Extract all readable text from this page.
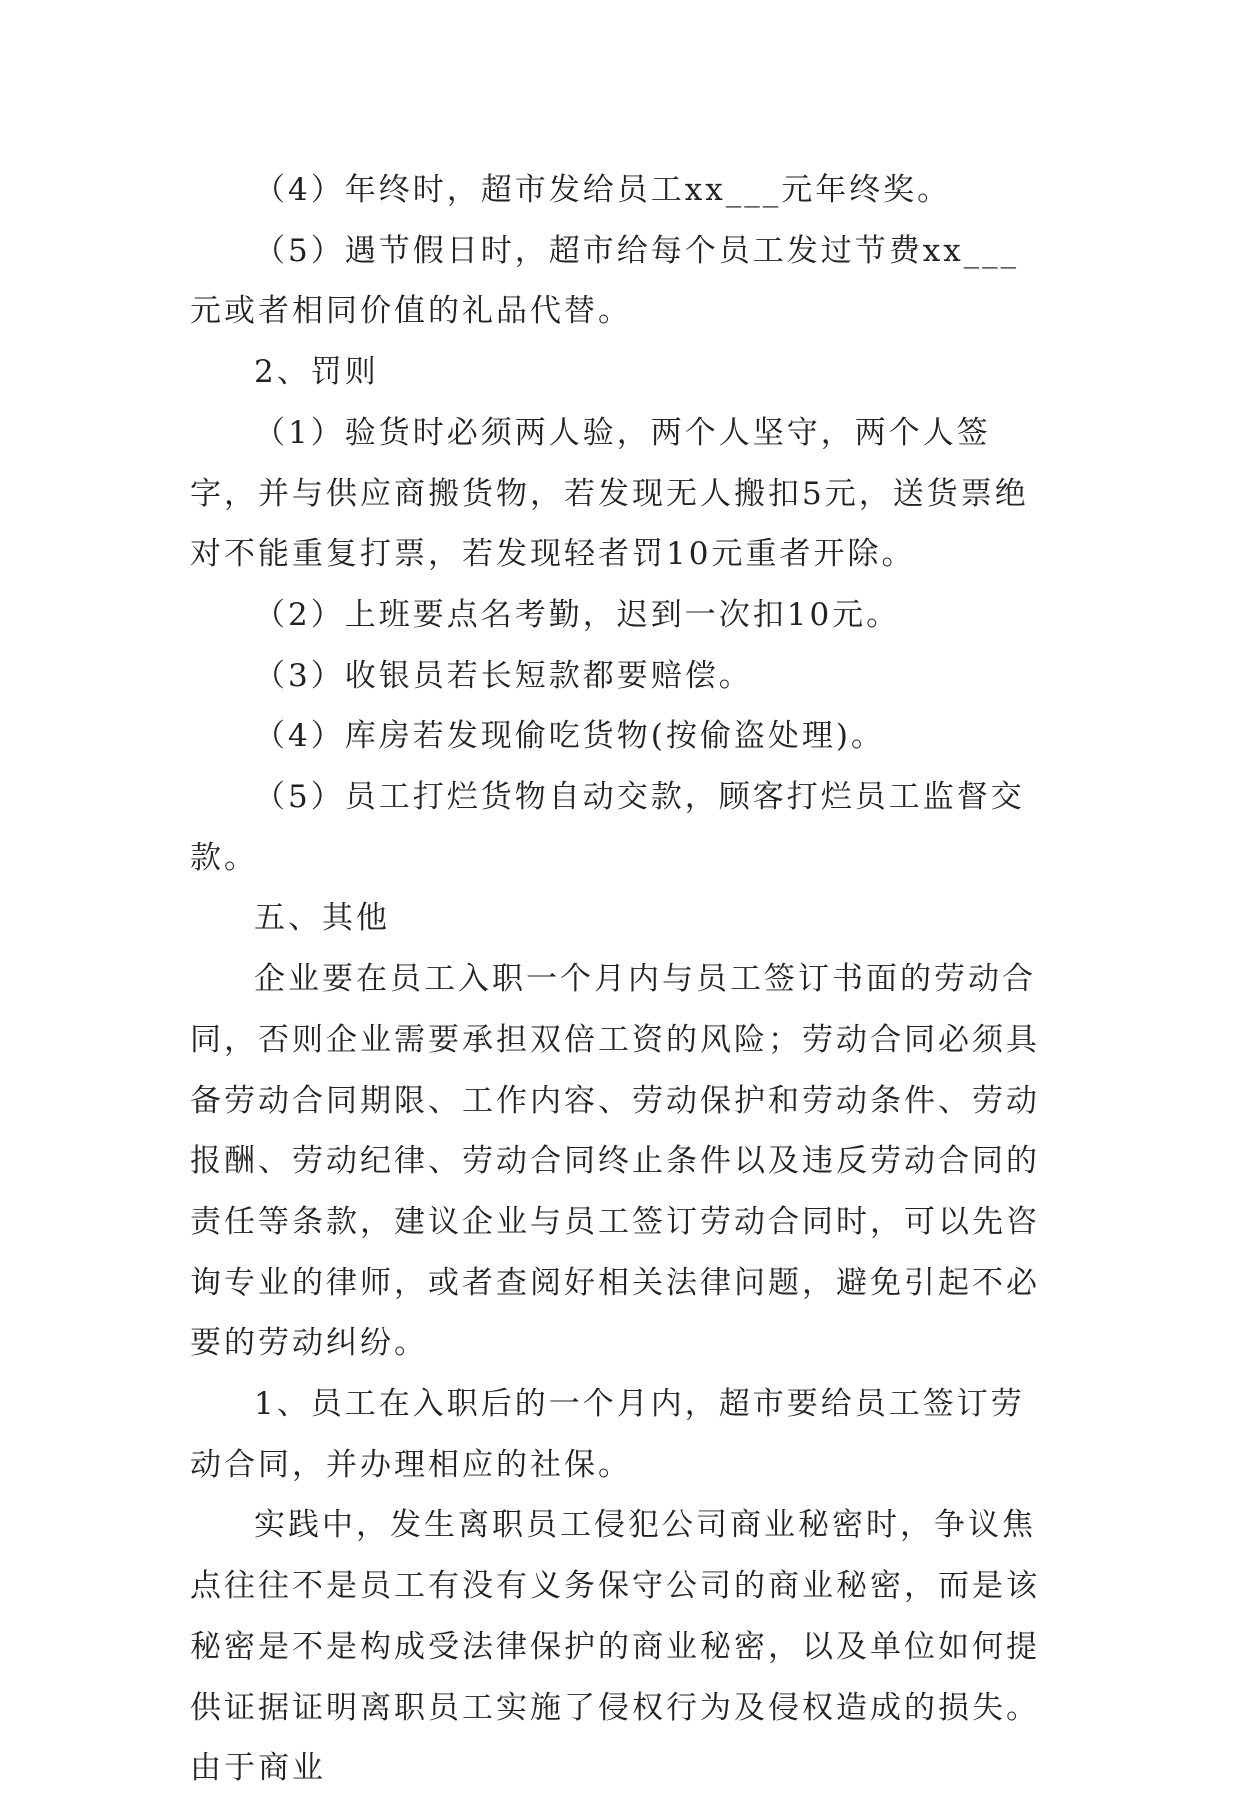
（4）年终时，超市发给员工xx___元年终奖。

（5）遇节假日时，超市给每个员工发过节费xx___元或者相同价值的礼品代替。

2、罚则

（1）验货时必须两人验，两个人坚守，两个人签字，并与供应商搬货物，若发现无人搬扣5元，送货票绝对不能重复打票，若发现轻者罚10元重者开除。

（2）上班要点名考勤，迟到一次扣10元。

（3）收银员若长短款都要赔偿。

（4）库房若发现偷吃货物(按偷盗处理)。

（5）员工打烂货物自动交款，顾客打烂员工监督交款。

五、其他

企业要在员工入职一个月内与员工签订书面的劳动合同，否则企业需要承担双倍工资的风险；劳动合同必须具备劳动合同期限、工作内容、劳动保护和劳动条件、劳动报酬、劳动纪律、劳动合同终止条件以及违反劳动合同的责任等条款，建议企业与员工签订劳动合同时，可以先咨询专业的律师，或者查阅好相关法律问题，避免引起不必要的劳动纠纷。

1、员工在入职后的一个月内，超市要给员工签订劳动合同，并办理相应的社保。

实践中，发生离职员工侵犯公司商业秘密时，争议焦点往往不是员工有没有义务保守公司的商业秘密，而是该秘密是不是构成受法律保护的商业秘密，以及单位如何提供证据证明离职员工实施了侵权行为及侵权造成的损失。由于商业
